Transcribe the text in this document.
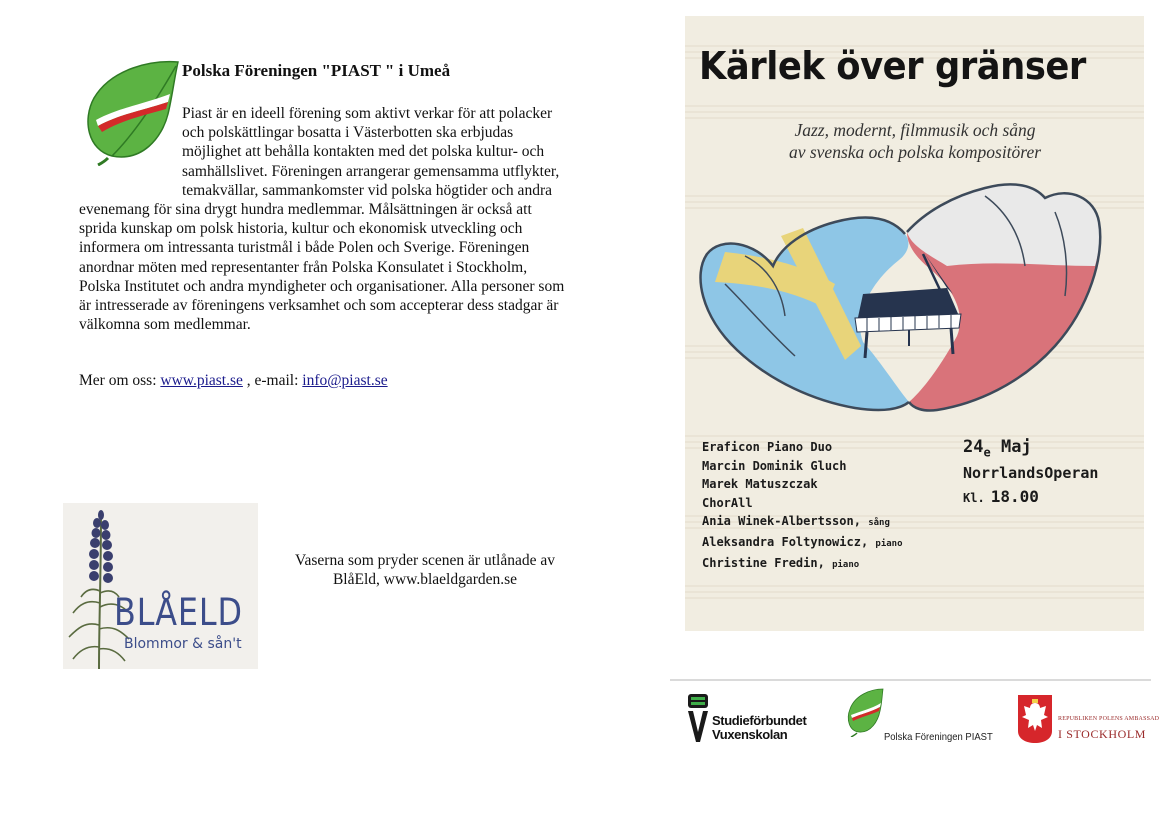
Polska Föreningen "PIAST " i Umeå

Piast är en ideell förening som aktivt verkar för att polacker och polskättlingar bosatta i Västerbotten ska erbjudas möjlighet att behålla kontakten med det polska kultur- och samhällslivet. Föreningen arrangerar gemensamma utflykter, temakvällar, sammankomster vid polska högtider och andra evenemang för sina drygt hundra medlemmar. Målsättningen är också att sprida kunskap om polsk historia, kultur och ekonomisk utveckling och informera om intressanta turistmål i både Polen och Sverige. Föreningen anordnar möten med representanter från Polska Konsulatet i Stockholm, Polska Institutet och andra myndigheter och organisationer. Alla personer som är intresserade av föreningens verksamhet och som accepterar dess stadgar är välkomna som medlemmar.

Mer om oss: www.piast.se , e-mail: info@piast.se
BLÅELD
Blommor & sån't
Vaserna som pryder scenen är utlånade av
BlåEld, www.blaeldgarden.se
Kärlek över gränser
Jazz, modernt, filmmusik och sång
av svenska och polska kompositörer
Eraficon Piano Duo
Marcin Dominik Gluch
Marek Matuszczak
ChorAll
Ania Winek-Albertsson, sång
Aleksandra Foltynowicz, piano
Christine Fredin, piano
$24_e$ Maj
NorrlandsOperan
Kl. 18.00
Studieförbundet
Vuxenskolan	Polska Föreningen PIAST
REPUBLIKEN POLENS AMBASSAD
I STOCKHOLM
